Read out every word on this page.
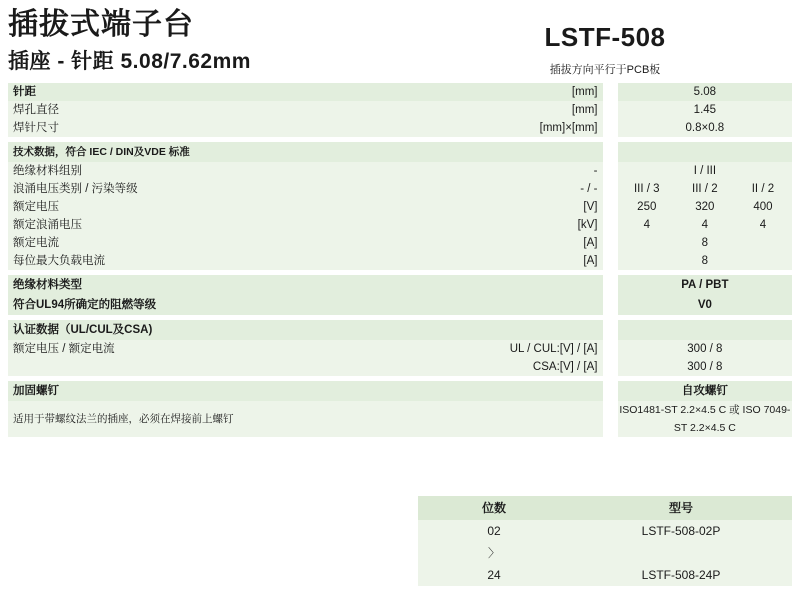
插拔式端子台
插座 - 针距 5.08/7.62mm
LSTF-508
插拔方向平行于PCB板
针距	[mm]		5.08		
焊孔直径	[mm]		1.45		
焊针尺寸	[mm]×[mm]		0.8×0.8		

技术数据，符合 IEC / DIN及VDE 标准					
绝缘材料组别	-		I / III		
浪涌电压类别 / 污染等级	- / -		III / 3	III / 2	II / 2
额定电压	[V]		250	320	400
额定浪涌电压	[kV]		4	4	4
额定电流	[A]		8		
每位最大负载电流	[A]		8		

绝缘材料类型			PA / PBT		
符合UL94所确定的阻燃等级			V0		

认证数据（UL/CUL及CSA)					
额定电压 / 额定电流	UL / CUL:[V] / [A]		300 / 8		
	CSA:[V] / [A]		300 / 8		

加固螺钉			自攻螺钉		
适用于带螺纹法兰的插座，必须在焊接前上螺钉			ISO1481-ST 2.2×4.5 C 或 ISO 7049-ST 2.2×4.5 C		
位数	型号
02	LSTF-508-02P
〉	
24	LSTF-508-24P
